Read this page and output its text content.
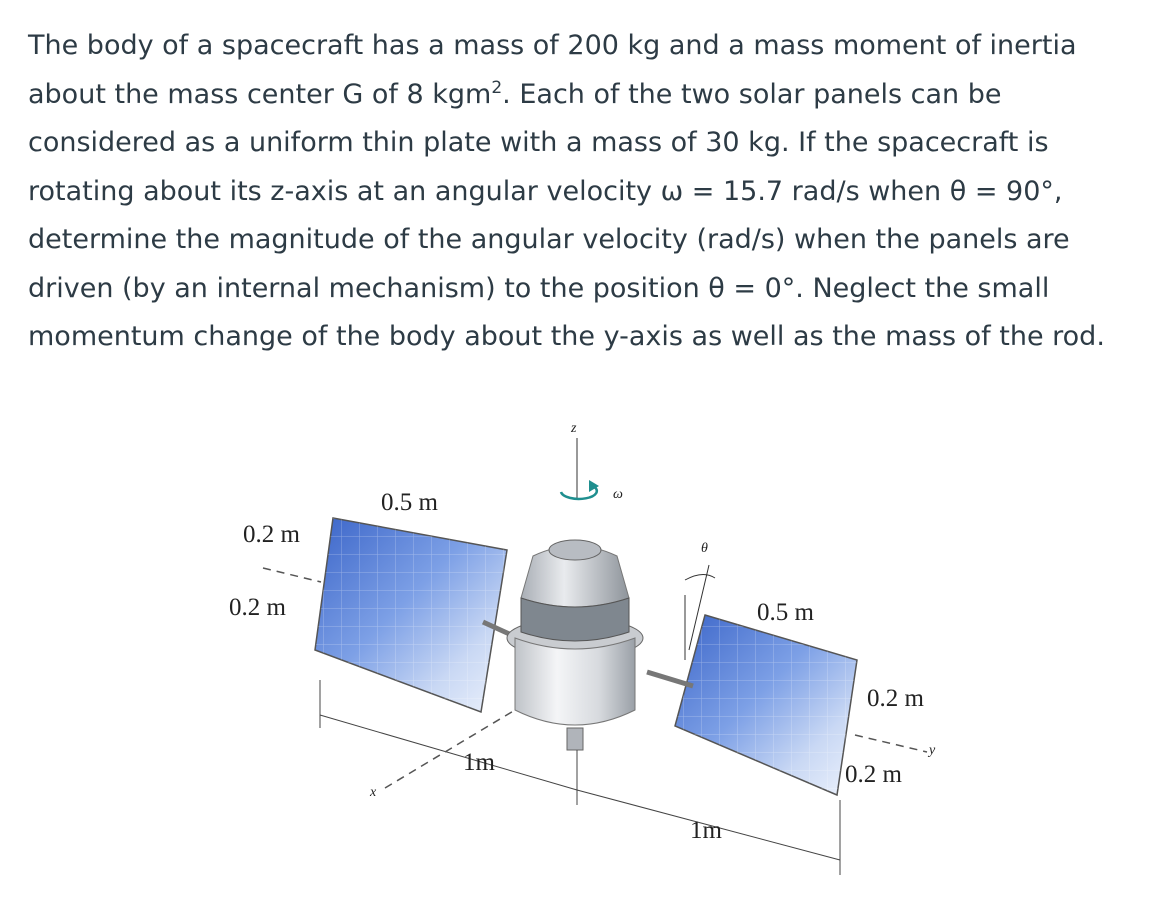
The body of a spacecraft has a mass of 200 kg and a mass moment of inertia
about the mass center G of 8 kgm$^2$. Each of the two solar panels can be
considered as a uniform thin plate with a mass of 30 kg. If the spacecraft is
rotating about its z-axis at an angular velocity ω = 15.7 rad/s when θ = 90°,
determine the magnitude of the angular velocity (rad/s) when the panels are
driven (by an internal mechanism) to the position θ = 0°. Neglect the small
momentum change of the body about the y-axis as well as the mass of the rod.
z
ω
θ
x
y
0.2 m
0.2 m
0.5 m
0.5 m
0.2 m
0.2 m
1m
1m
